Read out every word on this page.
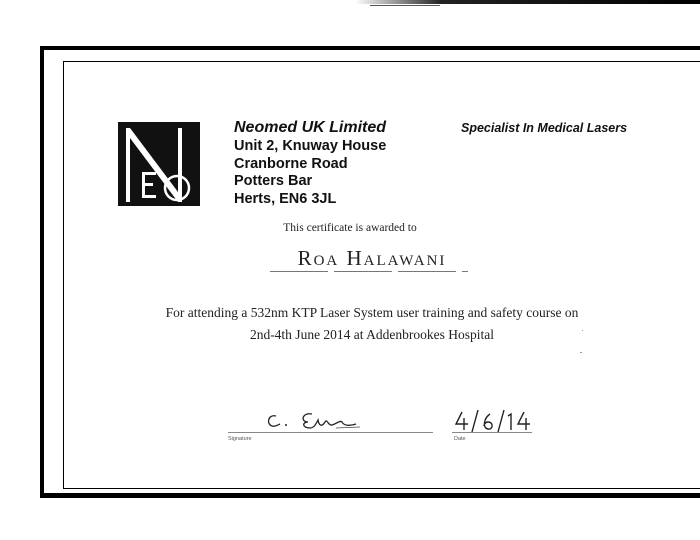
Neomed UK Limited
Unit 2, Knuway House
Cranborne Road
Potters Bar
Herts, EN6 3JL
Specialist In Medical Lasers
This certificate is awarded to
Roa Halawani
For attending a 532nm KTP Laser System user training and safety course on
2nd-4th June 2014 at Addenbrookes Hospital
Signature	Date
